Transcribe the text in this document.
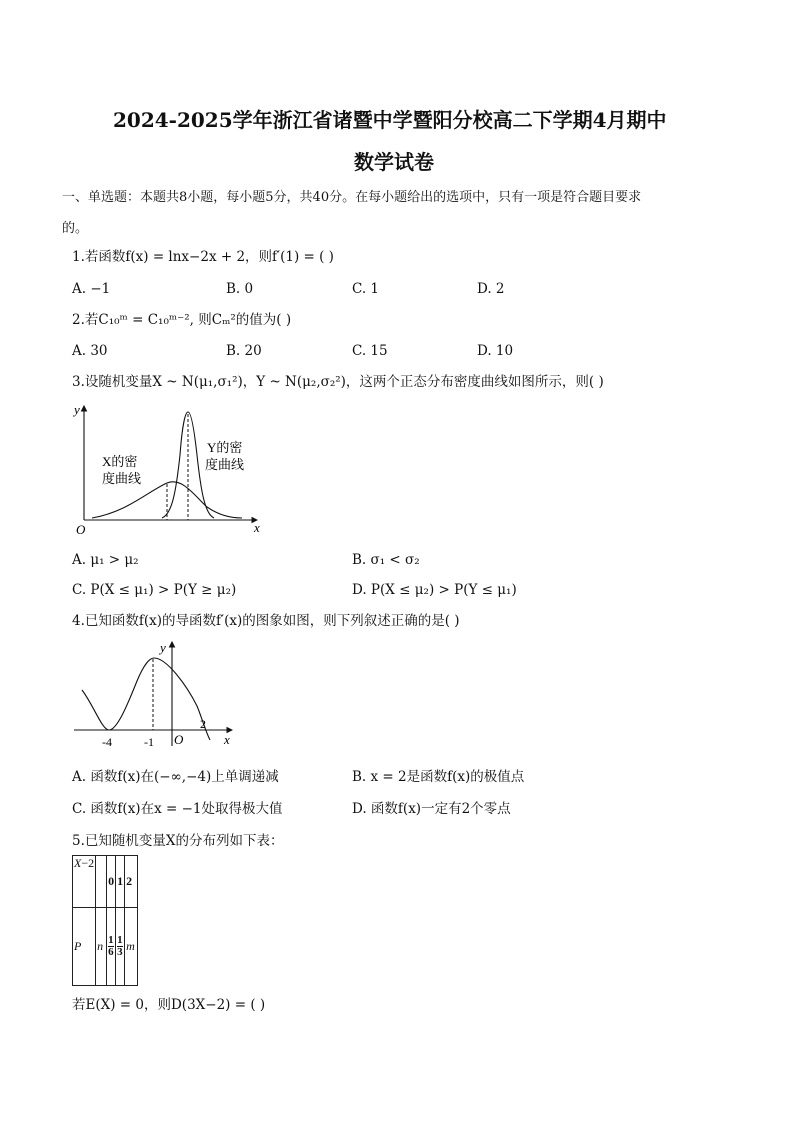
2024-2025学年浙江省诸暨中学暨阳分校高二下学期4月期中
数学试卷
一、单选题：本题共8小题，每小题5分，共40分。在每小题给出的选项中，只有一项是符合题目要求
的。
1.若函数f(x) = lnx−2x + 2，则f′(1) = ( )
A. −1	B. 0	C. 1	D. 2
2.若C₁₀ᵐ = C₁₀ᵐ⁻², 则Cₘ²的值为( )
A. 30	B. 20	C. 15	D. 10
3.设随机变量X ~ N(μ₁,σ₁²)，Y ~ N(μ₂,σ₂²)，这两个正态分布密度曲线如图所示，则( )
y
x
O
X的密
度曲线
Y的密
度曲线
A. μ₁ > μ₂	B. σ₁ < σ₂
C. P(X ≤ μ₁) > P(Y ≥ μ₂)	D. P(X ≤ μ₂) > P(Y ≤ μ₁)
4.已知函数f(x)的导函数f′(x)的图象如图，则下列叙述正确的是( )
y
x
O
-4	-1
2
A. 函数f(x)在(−∞,−4)上单调递减	B. x = 2是函数f(x)的极值点
C. 函数f(x)在x = −1处取得极大值	D. 函数f(x)一定有2个零点
5.已知随机变量X的分布列如下表：
X−2		0	1	2
P	n	$\frac{1}{6}$	$\frac{1}{3}$	m
若E(X) = 0，则D(3X−2) = ( )
